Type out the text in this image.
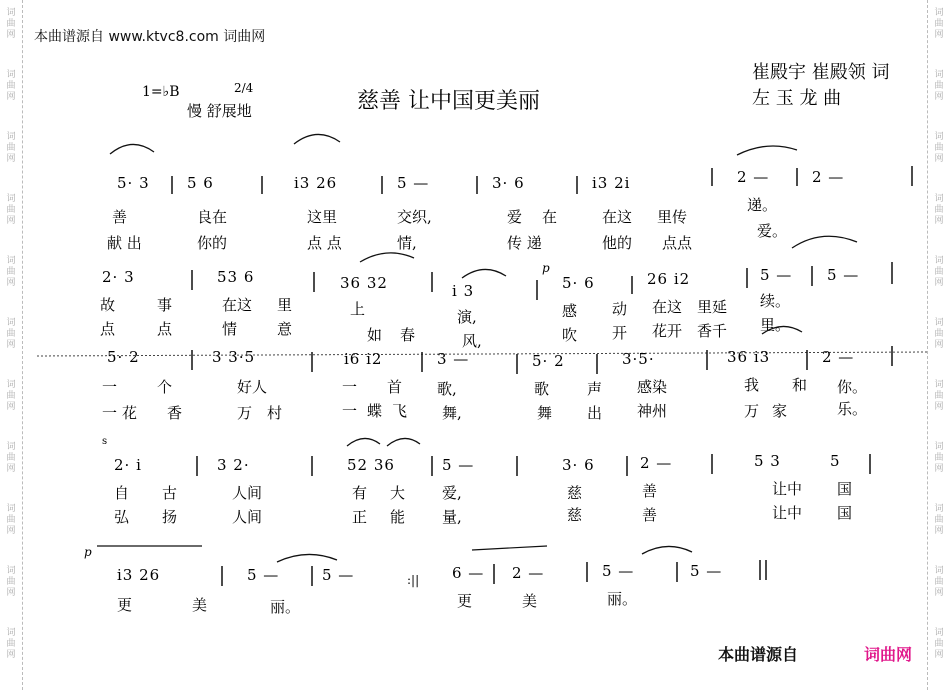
词
曲
网
词
曲
网
词
曲
网
词
曲
网
词
曲
网
词
曲
网
词
曲
网
词
曲
网
词
曲
网
词
曲
网
词
曲
网
词
曲
网
词
曲
网
词
曲
网
词
曲
网
词
曲
网
词
曲
网
词
曲
网
词
曲
网
词
曲
网
词
曲
网
词
曲
网
本曲谱源自 www.ktvc8.com 词曲网
1=♭B	2/4
慢 舒展地	慈善 让中国更美丽
崔殿宇 崔殿领 词
左 玉 龙 曲
5· 3 5 6	i3 26	5 —	3· 6	i3 2i	2 —	2 —
善	良在	这里	交织,	爱 在	在这 里传
递。
献 出	你的	点 点	情,	传 递	他的 点点
爱。
2· 3	53 6	36 32	i 3	5· 6	26 i2	5 — 5 —
p
故	事	在这 里	上	演,	感 动 在这 里延 续。
点	点	情	意	如 春	风,	吹 开 花开 香千 里。
5· 2	3 3·5	i6 i2	3 —	5· 2	3·5·	36 i3	2 —
一	个	好人	一 首 歌,	歌	声 感染	我 和 你。
一 花 香	万 村	一 蝶 飞 舞,	舞 出 神州	万 家	乐。
2· i	3 2·	52 36	5 —	3· 6	2 —	5 3	5
s
自 古	人间	有 大 爱,	慈	善	让中 国
弘 扬	人间	正 能 量,	慈	善	让中 国
p
i3 26	5 —	5 —	6 — 2 —	5 —	5 —
:||
更	美	丽。	更	美	丽。
本曲谱源自	词曲网
